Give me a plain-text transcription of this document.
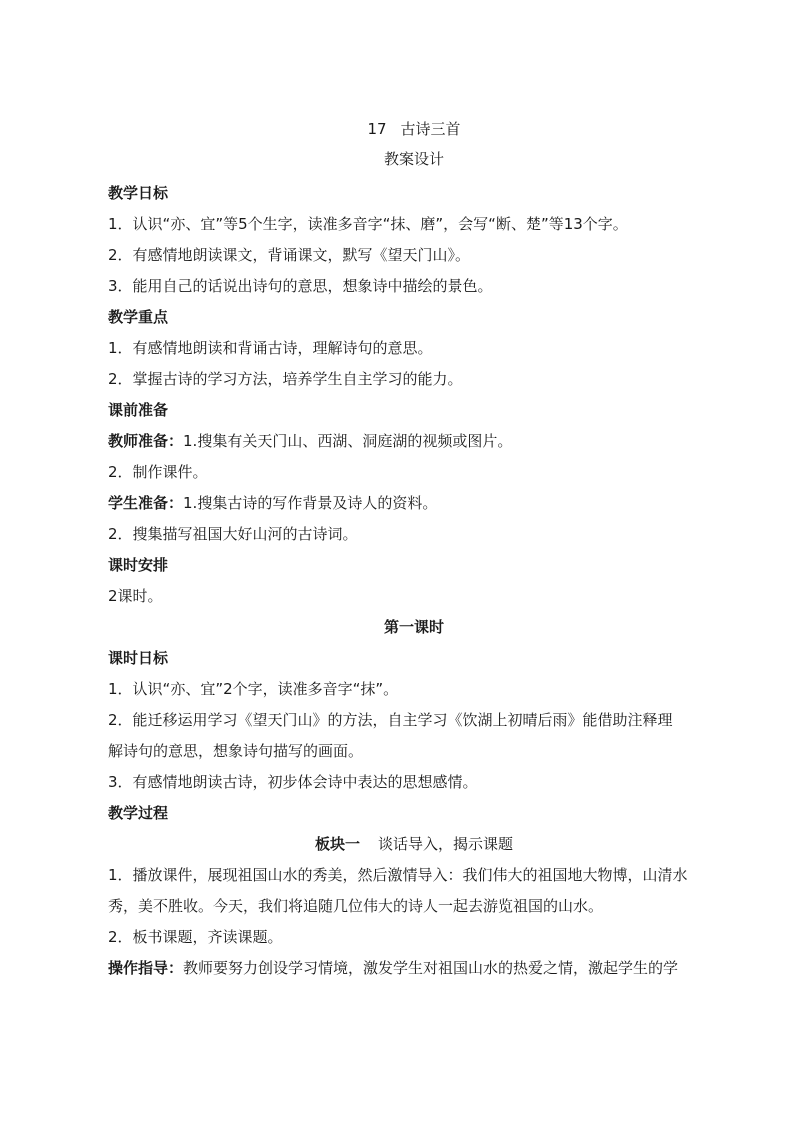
17 古诗三首
教案设计
教学日标
1．认识“亦、宜”等5个生字，读准多音字“抹、磨”，会写“断、楚”等13个字。
2．有感情地朗读课文，背诵课文，默写《望天门山》。
3．能用自己的话说出诗句的意思，想象诗中描绘的景色。
教学重点
1．有感情地朗读和背诵古诗，理解诗句的意思。
2．掌握古诗的学习方法，培养学生自主学习的能力。
课前准备
教师准备：1.搜集有关天门山、西湖、洞庭湖的视频或图片。
2．制作课件。
学生准备：1.搜集古诗的写作背景及诗人的资料。
2．搜集描写祖国大好山河的古诗词。
课时安排
2课时。
第一课时
课时日标
1．认识“亦、宜”2个字，读准多音字“抹”。
2．能迁移运用学习《望天门山》的方法，自主学习《饮湖上初晴后雨》能借助注释理
解诗句的意思，想象诗句描写的画面。
3．有感情地朗读古诗，初步体会诗中表达的思想感情。
教学过程
板块一 谈话导入，揭示课题
1．播放课件，展现祖国山水的秀美，然后激情导入：我们伟大的祖国地大物博，山清水
秀，美不胜收。今天，我们将追随几位伟大的诗人一起去游览祖国的山水。
2．板书课题，齐读课题。
操作指导：教师要努力创设学习情境，激发学生对祖国山水的热爱之情，激起学生的学
